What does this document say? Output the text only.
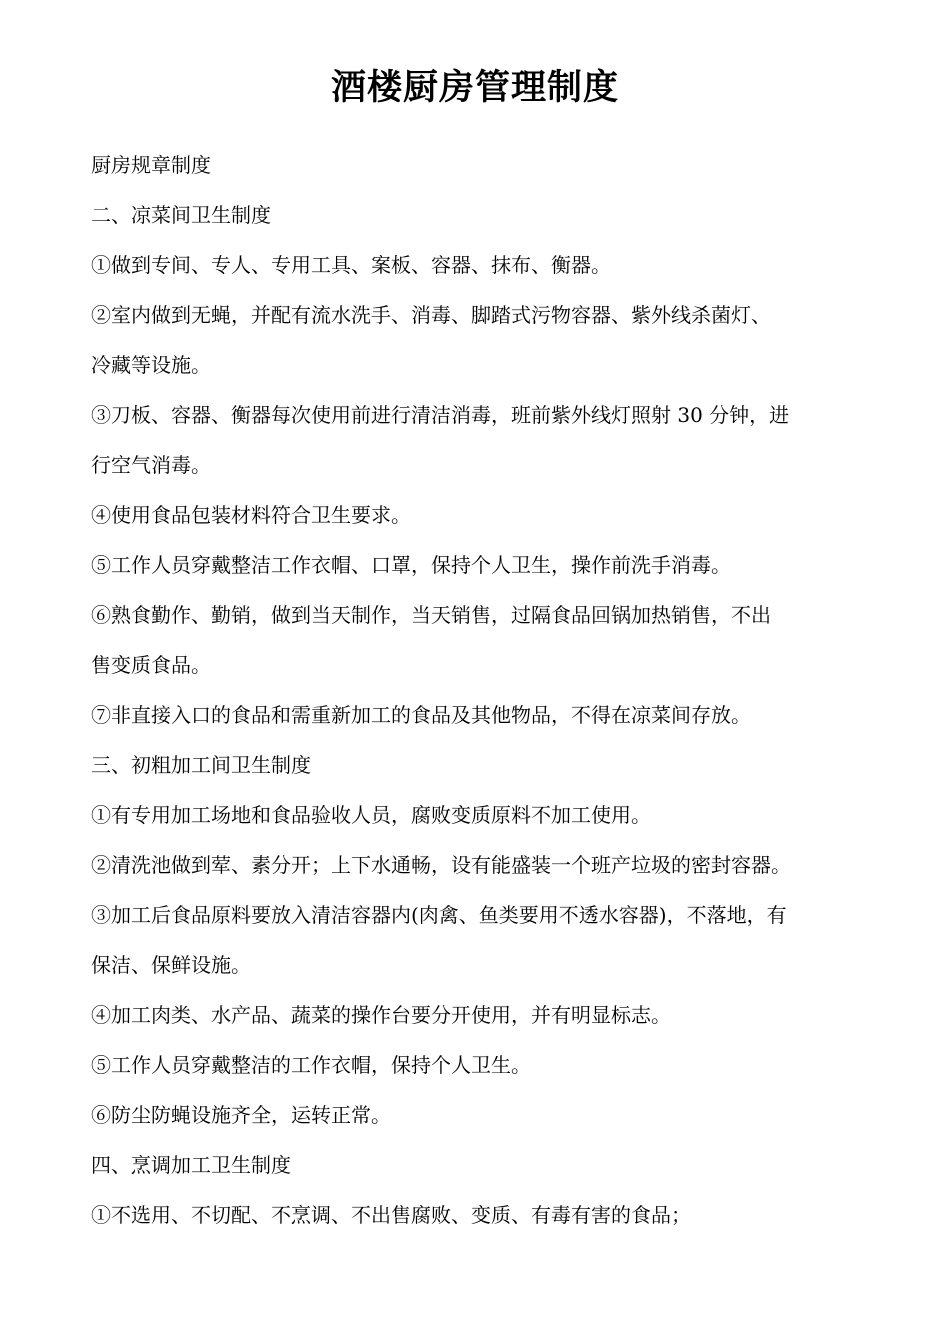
酒楼厨房管理制度
厨房规章制度
二、凉菜间卫生制度
①做到专间、专人、专用工具、案板、容器、抹布、衡器。
②室内做到无蝇，并配有流水洗手、消毒、脚踏式污物容器、紫外线杀菌灯、
冷藏等设施。
③刀板、容器、衡器每次使用前进行清洁消毒，班前紫外线灯照射 30 分钟，进
行空气消毒。
④使用食品包装材料符合卫生要求。
⑤工作人员穿戴整洁工作衣帽、口罩，保持个人卫生，操作前洗手消毒。
⑥熟食勤作、勤销，做到当天制作，当天销售，过隔食品回锅加热销售，不出
售变质食品。
⑦非直接入口的食品和需重新加工的食品及其他物品，不得在凉菜间存放。
三、初粗加工间卫生制度
①有专用加工场地和食品验收人员，腐败变质原料不加工使用。
②清洗池做到荤、素分开；上下水通畅，设有能盛装一个班产垃圾的密封容器。
③加工后食品原料要放入清洁容器内(肉禽、鱼类要用不透水容器)，不落地，有
保洁、保鲜设施。
④加工肉类、水产品、蔬菜的操作台要分开使用，并有明显标志。
⑤工作人员穿戴整洁的工作衣帽，保持个人卫生。
⑥防尘防蝇设施齐全，运转正常。
四、烹调加工卫生制度
①不选用、不切配、不烹调、不出售腐败、变质、有毒有害的食品；
